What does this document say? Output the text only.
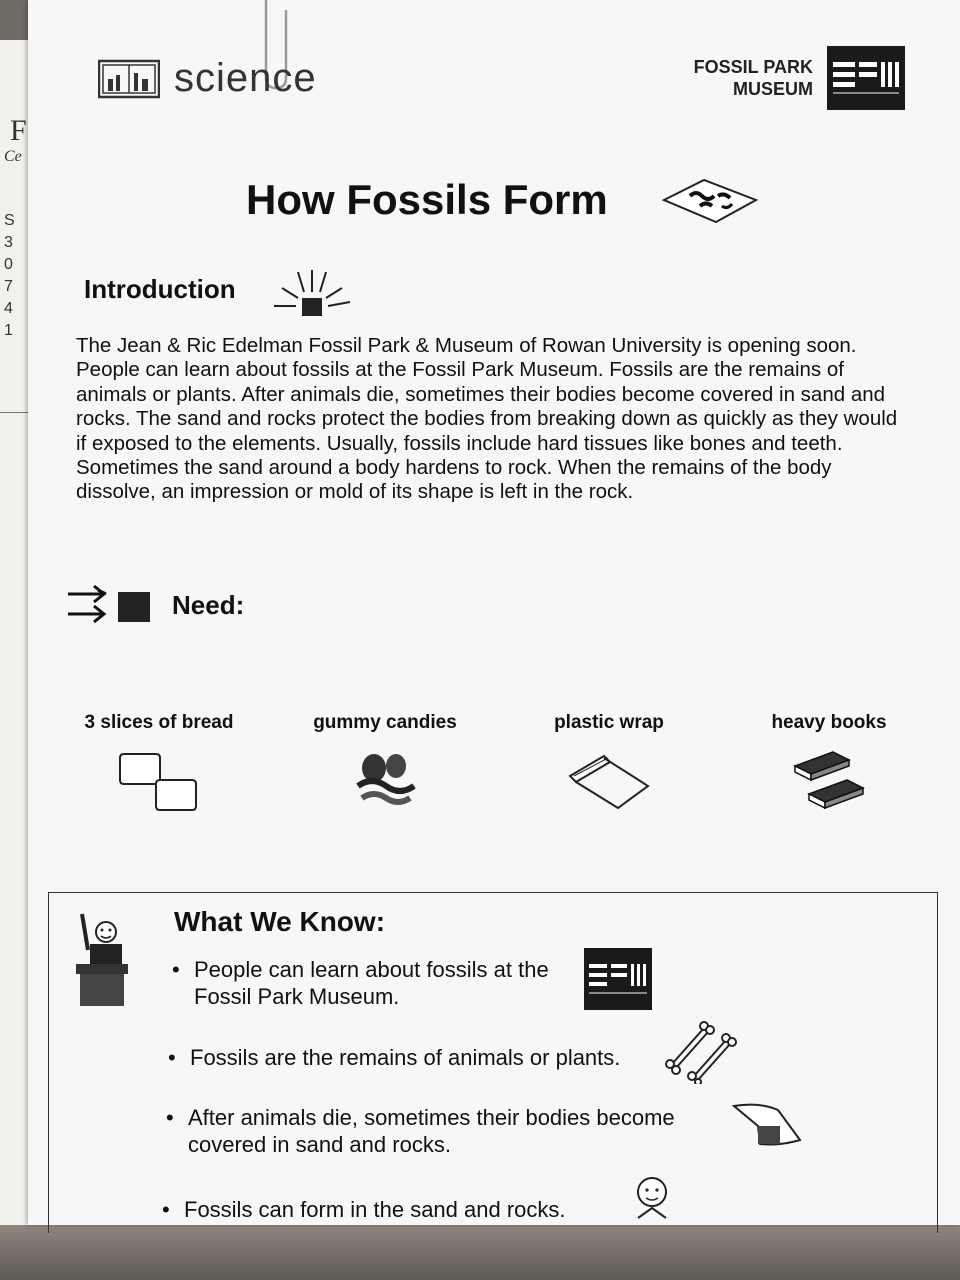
F
Ce
S
3
0
7
4
1
science	FOSSIL PARK
MUSEUM
How Fossils Form
Introduction
The Jean & Ric Edelman Fossil Park & Museum of Rowan University is opening soon. People can learn about fossils at the Fossil Park Museum. Fossils are the remains of animals or plants. After animals die, sometimes their bodies become covered in sand and rocks. The sand and rocks protect the bodies from breaking down as quickly as they would if exposed to the elements. Usually, fossils include hard tissues like bones and teeth. Sometimes the sand around a body hardens to rock. When the remains of the body dissolve, an impression or mold of its shape is left in the rock.
Need:
3 slices of bread	gummy candies	plastic wrap	heavy books
What We Know:
• People can learn about fossils at the
Fossil Park Museum.
• Fossils are the remains of animals or plants.
• After animals die, sometimes their bodies become
covered in sand and rocks.
• Fossils can form in the sand and rocks.
